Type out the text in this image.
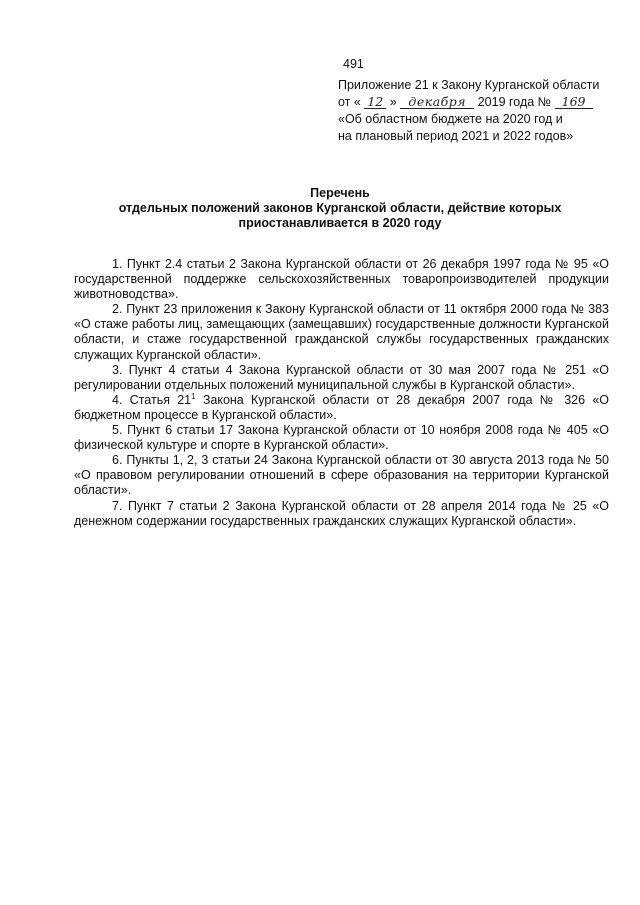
491
Приложение 21 к Закону Курганской области
от « 12 » декабря 2019 года № 169
«Об областном бюджете на 2020 год и
на плановый период 2021 и 2022 годов»
Перечень
отдельных положений законов Курганской области, действие которых
приостанавливается в 2020 году

1. Пункт 2.4 статьи 2 Закона Курганской области от 26 декабря 1997 года № 95 «О государственной поддержке сельскохозяйственных товаропроизводителей продукции животноводства».

2. Пункт 23 приложения к Закону Курганской области от 11 октября 2000 года № 383 «О стаже работы лиц, замещающих (замещавших) государственные должности Курганской области, и стаже государственной гражданской службы государственных гражданских служащих Курганской области».

3. Пункт 4 статьи 4 Закона Курганской области от 30 мая 2007 года № 251 «О регулировании отдельных положений муниципальной службы в Курганской области».

4. Статья $21^1$ Закона Курганской области от 28 декабря 2007 года № 326 «О бюджетном процессе в Курганской области».

5. Пункт 6 статьи 17 Закона Курганской области от 10 ноября 2008 года № 405 «О физической культуре и спорте в Курганской области».

6. Пункты 1, 2, 3 статьи 24 Закона Курганской области от 30 августа 2013 года № 50 «О правовом регулировании отношений в сфере образования на территории Курганской области».

7. Пункт 7 статьи 2 Закона Курганской области от 28 апреля 2014 года № 25 «О денежном содержании государственных гражданских служащих Курганской области».
